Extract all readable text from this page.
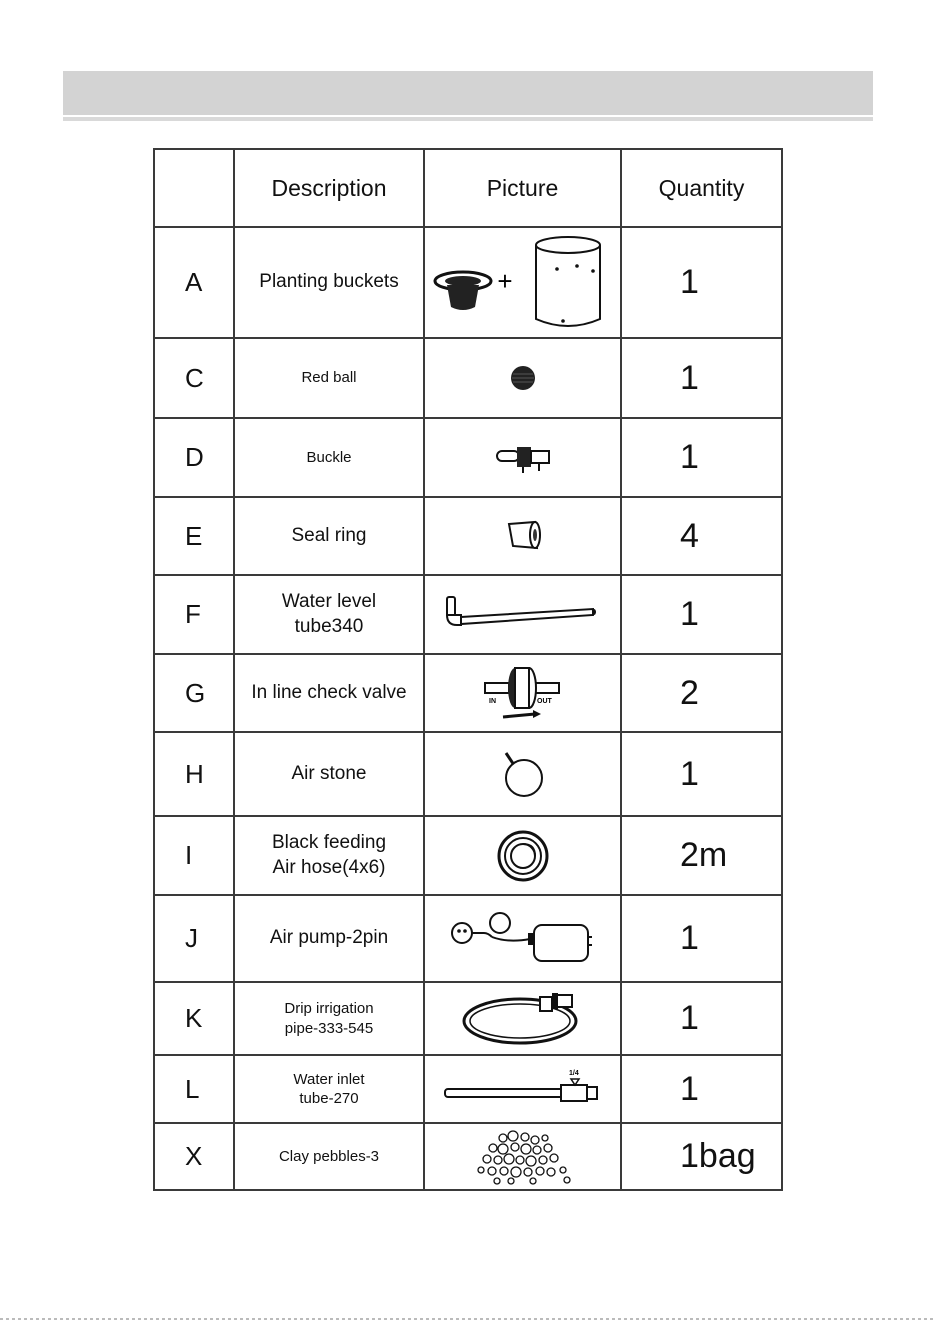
	Description	Picture	Quantity
A	Planting buckets	+	1
C	Red ball		1
D	Buckle		1
E	Seal ring		4
F	Water level
tube340		1
G	In line check valve	IN OUT	2
H	Air stone		1
I	Black feeding
Air hose(4x6)		2m
J	Air pump-2pin		1
K	Drip irrigation
pipe-333-545		1
L	Water inlet
tube-270	1/4	1
X	Clay pebbles-3		1bag
